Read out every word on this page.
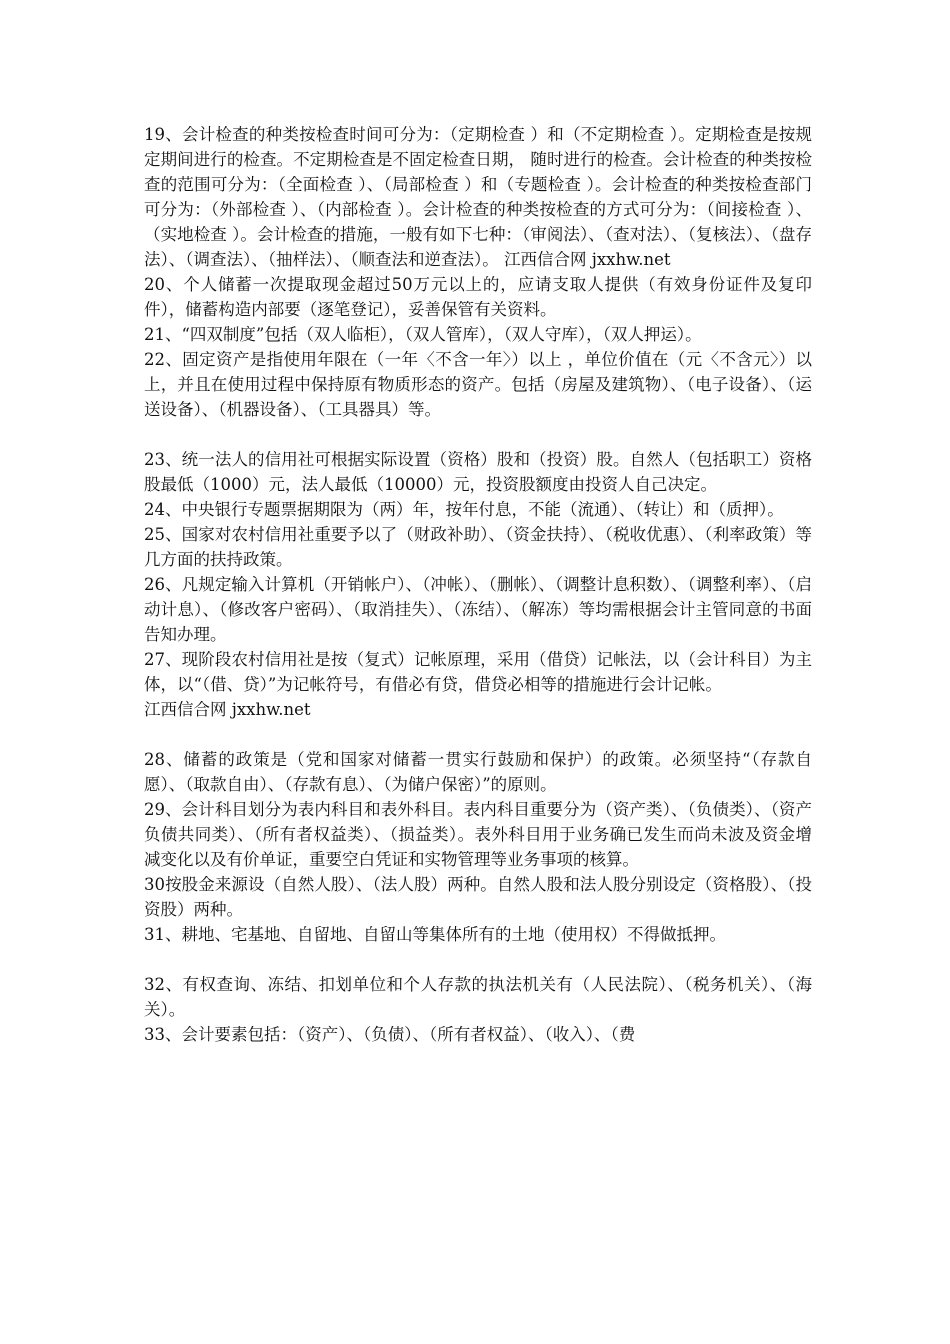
19、会计检查的种类按检查时间可分为：（定期检查 ）和（不定期检查 ）。定期检查是按规定期间进行的检查。不定期检查是不固定检查日期， 随时进行的检查。会计检查的种类按检查的范围可分为：（全面检查 ）、（局部检查 ）和（专题检查 ）。会计检查的种类按检查部门可分为：（外部检查 ）、（内部检查 ）。会计检查的种类按检查的方式可分为：（间接检查 ）、（实地检查 ）。会计检查的措施，一般有如下七种：（审阅法）、（查对法）、（复核法）、（盘存法）、（调查法）、（抽样法）、（顺查法和逆查法）。 江西信合网 jxxhw.net

20、个人储蓄一次提取现金超过50万元以上的，应请支取人提供（有效身份证件及复印件），储蓄构造内部要（逐笔登记），妥善保管有关资料。

21、“四双制度”包括（双人临柜），（双人管库），（双人守库），（双人押运）。

22、固定资产是指使用年限在（一年〈不含一年〉）以上 ，单位价值在（元〈不含元〉）以上，并且在使用过程中保持原有物质形态的资产。包括（房屋及建筑物）、（电子设备）、（运送设备）、（机器设备）、（工具器具）等。

23、统一法人的信用社可根据实际设置（资格）股和（投资）股。自然人（包括职工）资格股最低（1000）元，法人最低（10000）元，投资股额度由投资人自己决定。

24、中央银行专题票据期限为（两）年，按年付息，不能（流通）、（转让）和（质押）。

25、国家对农村信用社重要予以了（财政补助）、（资金扶持）、（税收优惠）、（利率政策）等几方面的扶持政策。

26、凡规定输入计算机（开销帐户）、（冲帐）、（删帐）、（调整计息积数）、（调整利率）、（启动计息）、（修改客户密码）、（取消挂失）、（冻结）、（解冻）等均需根据会计主管同意的书面告知办理。

27、现阶段农村信用社是按（复式）记帐原理，采用（借贷）记帐法，以（会计科目）为主体，以“（借、贷）”为记帐符号，有借必有贷，借贷必相等的措施进行会计记帐。

江西信合网 jxxhw.net

28、储蓄的政策是（党和国家对储蓄一贯实行鼓励和保护）的政策。必须坚持“（存款自愿）、（取款自由）、（存款有息）、（为储户保密）”的原则。

29、会计科目划分为表内科目和表外科目。表内科目重要分为（资产类）、（负债类）、（资产负债共同类）、（所有者权益类）、（损益类）。表外科目用于业务确已发生而尚未波及资金增减变化以及有价单证，重要空白凭证和实物管理等业务事项的核算。

30按股金来源设（自然人股）、（法人股）两种。自然人股和法人股分别设定（资格股）、（投资股）两种。

31、耕地、宅基地、自留地、自留山等集体所有的土地（使用权）不得做抵押。

32、有权查询、冻结、扣划单位和个人存款的执法机关有（人民法院）、（税务机关）、（海关）。

33、会计要素包括：（资产）、（负债）、（所有者权益）、（收入）、（费
